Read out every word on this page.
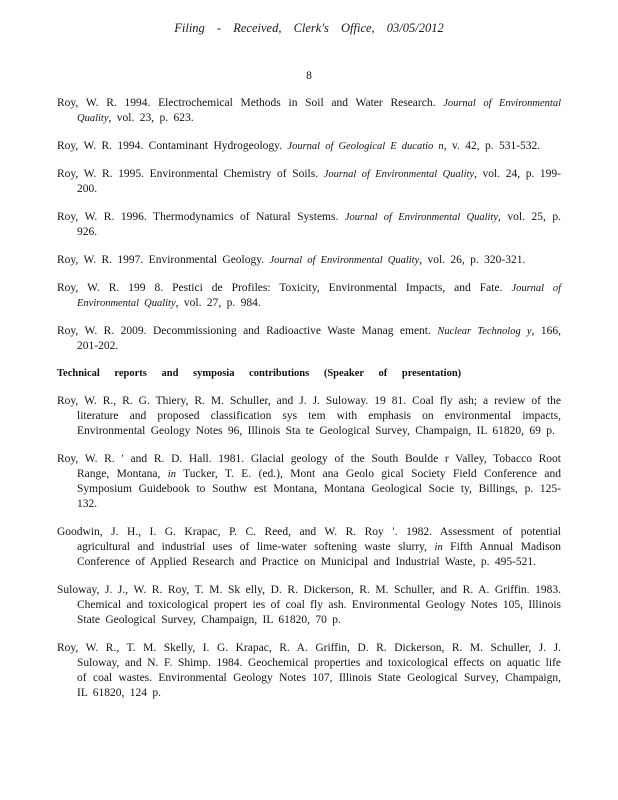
Filing - Received, Clerk's Office, 03/05/2012
8

Roy, W. R. 1994. Electrochemical Methods in Soil and Water Research. Journal of Environmental Quality, vol. 23, p. 623.

Roy, W. R. 1994. Contaminant Hydrogeology. Journal of Geological E ducatio n, v. 42, p. 531-532.

Roy, W. R. 1995. Environmental Chemistry of Soils. Journal of Environmental Quality, vol. 24, p. 199-200.

Roy, W. R. 1996. Thermodynamics of Natural Systems. Journal of Environmental Quality, vol. 25, p. 926.

Roy, W. R. 1997. Environmental Geology. Journal of Environmental Quality, vol. 26, p. 320-321.

Roy, W. R. 199 8. Pestici de Profiles: Toxicity, Environmental Impacts, and Fate. Journal of Environmental Quality, vol. 27, p. 984.

Roy, W. R. 2009. Decommissioning and Radioactive Waste Manag ement. Nuclear Technolog y, 166, 201-202.

Technical reports and symposia contributions (Speaker of presentation)

Roy, W. R., R. G. Thiery, R. M. Schuller, and J. J. Suloway. 19 81. Coal fly ash; a review of the literature and proposed classification sys tem with emphasis on environmental impacts, Environmental Geology Notes 96, Illinois Sta te Geological Survey, Champaign, IL 61820, 69 p.

Roy, W. R. ′ and R. D. Hall. 1981. Glacial geology of the South Boulde r Valley, Tobacco Root Range, Montana, in Tucker, T. E. (ed.), Mont ana Geolo gical Society Field Conference and Symposium Guidebook to Southw est Montana, Montana Geological Socie ty, Billings, p. 125-132.

Goodwin, J. H., I. G. Krapac, P. C. Reed, and W. R. Roy ′. 1982. Assessment of potential agricultural and industrial uses of lime-water softening waste slurry, in Fifth Annual Madison Conference of Applied Research and Practice on Municipal and Industrial Waste, p. 495-521.

Suloway, J. J., W. R. Roy, T. M. Sk elly, D. R. Dickerson, R. M. Schuller, and R. A. Griffin. 1983. Chemical and toxicological propert ies of coal fly ash. Environmental Geology Notes 105, Illinois State Geological Survey, Champaign, IL 61820, 70 p.

Roy, W. R., T. M. Skelly, I. G. Krapac, R. A. Griffin, D. R. Dickerson, R. M. Schuller, J. J. Suloway, and N. F. Shimp. 1984. Geochemical properties and toxicological effects on aquatic life of coal wastes. Environmental Geology Notes 107, Illinois State Geological Survey, Champaign, IL 61820, 124 p.
